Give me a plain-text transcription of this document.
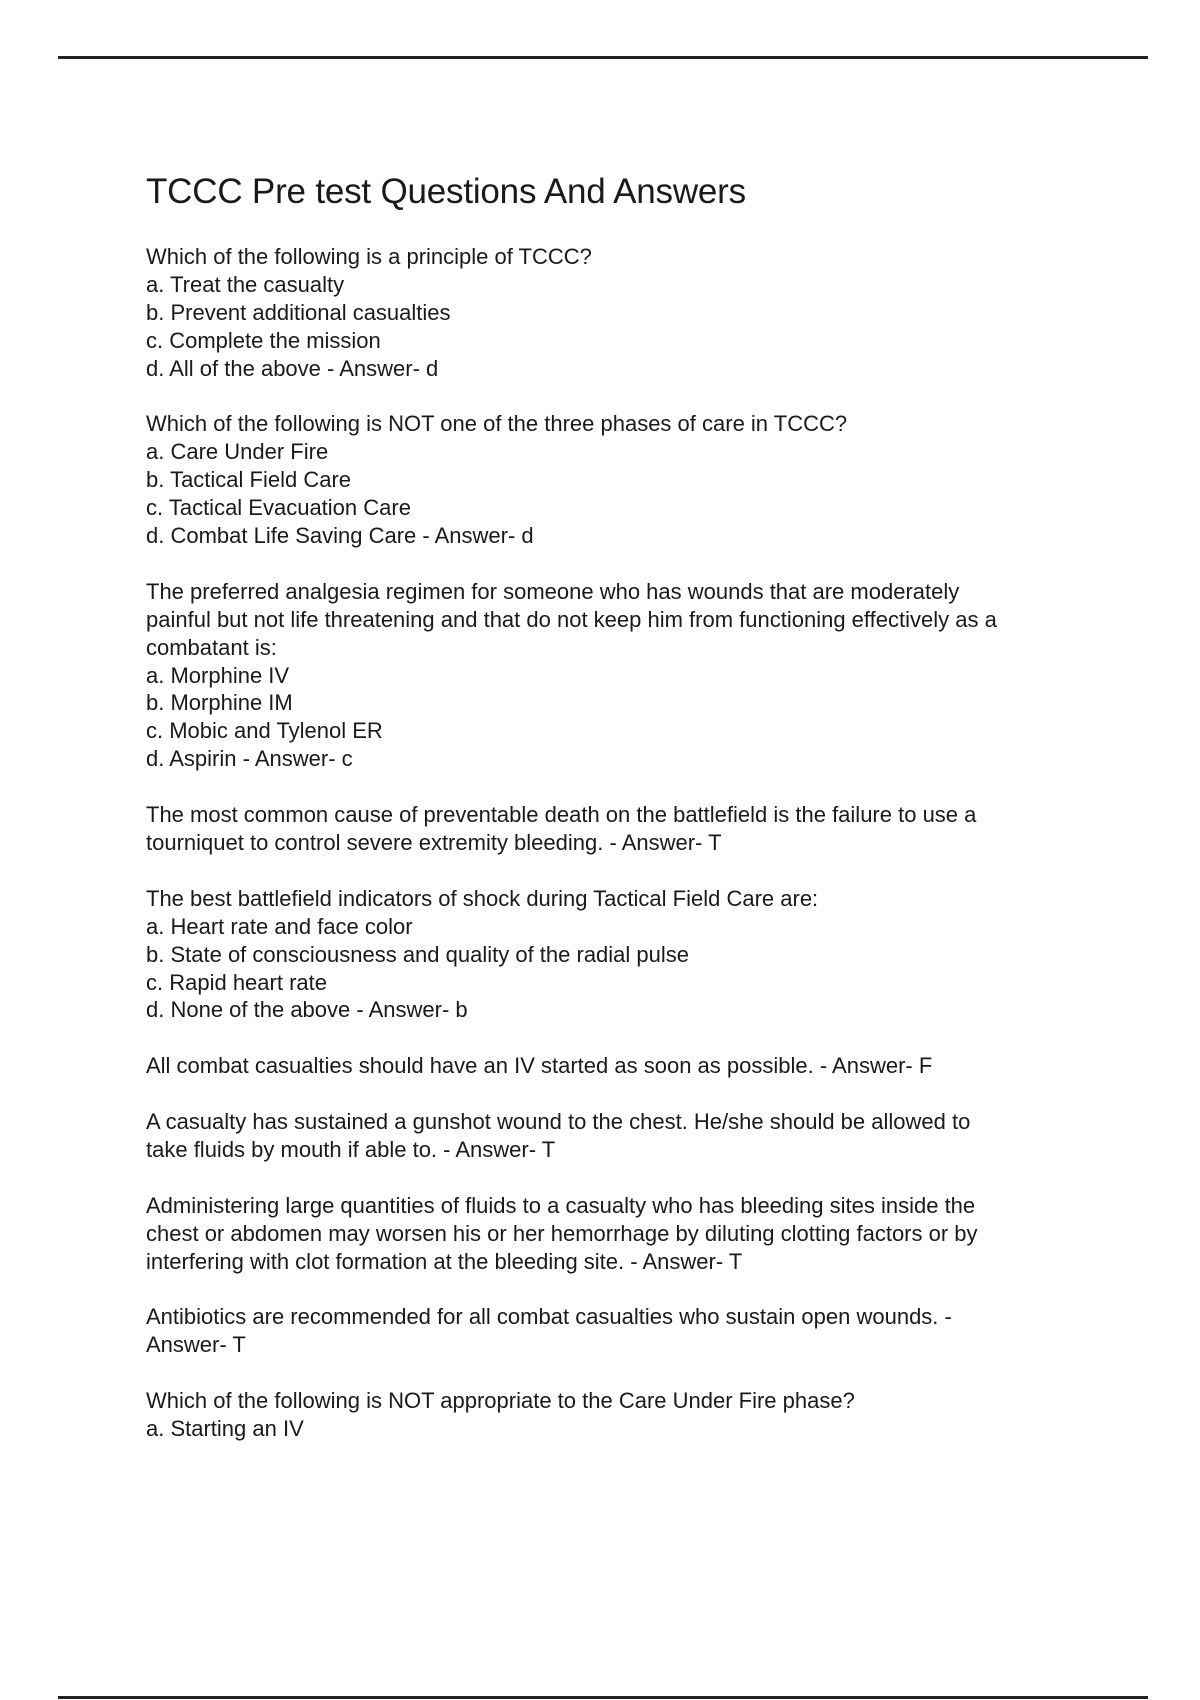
TCCC Pre test Questions And Answers
Which of the following is a principle of TCCC?
a. Treat the casualty
b. Prevent additional casualties
c. Complete the mission
d. All of the above - Answer- d
Which of the following is NOT one of the three phases of care in TCCC?
a. Care Under Fire
b. Tactical Field Care
c. Tactical Evacuation Care
d. Combat Life Saving Care - Answer- d
The preferred analgesia regimen for someone who has wounds that are moderately
painful but not life threatening and that do not keep him from functioning effectively as a
combatant is:
a. Morphine IV
b. Morphine IM
c. Mobic and Tylenol ER
d. Aspirin - Answer- c
The most common cause of preventable death on the battlefield is the failure to use a
tourniquet to control severe extremity bleeding. - Answer- T
The best battlefield indicators of shock during Tactical Field Care are:
a. Heart rate and face color
b. State of consciousness and quality of the radial pulse
c. Rapid heart rate
d. None of the above - Answer- b
All combat casualties should have an IV started as soon as possible. - Answer- F
A casualty has sustained a gunshot wound to the chest. He/she should be allowed to
take fluids by mouth if able to. - Answer- T
Administering large quantities of fluids to a casualty who has bleeding sites inside the
chest or abdomen may worsen his or her hemorrhage by diluting clotting factors or by
interfering with clot formation at the bleeding site. - Answer- T
Antibiotics are recommended for all combat casualties who sustain open wounds. -
Answer- T
Which of the following is NOT appropriate to the Care Under Fire phase?
a. Starting an IV
